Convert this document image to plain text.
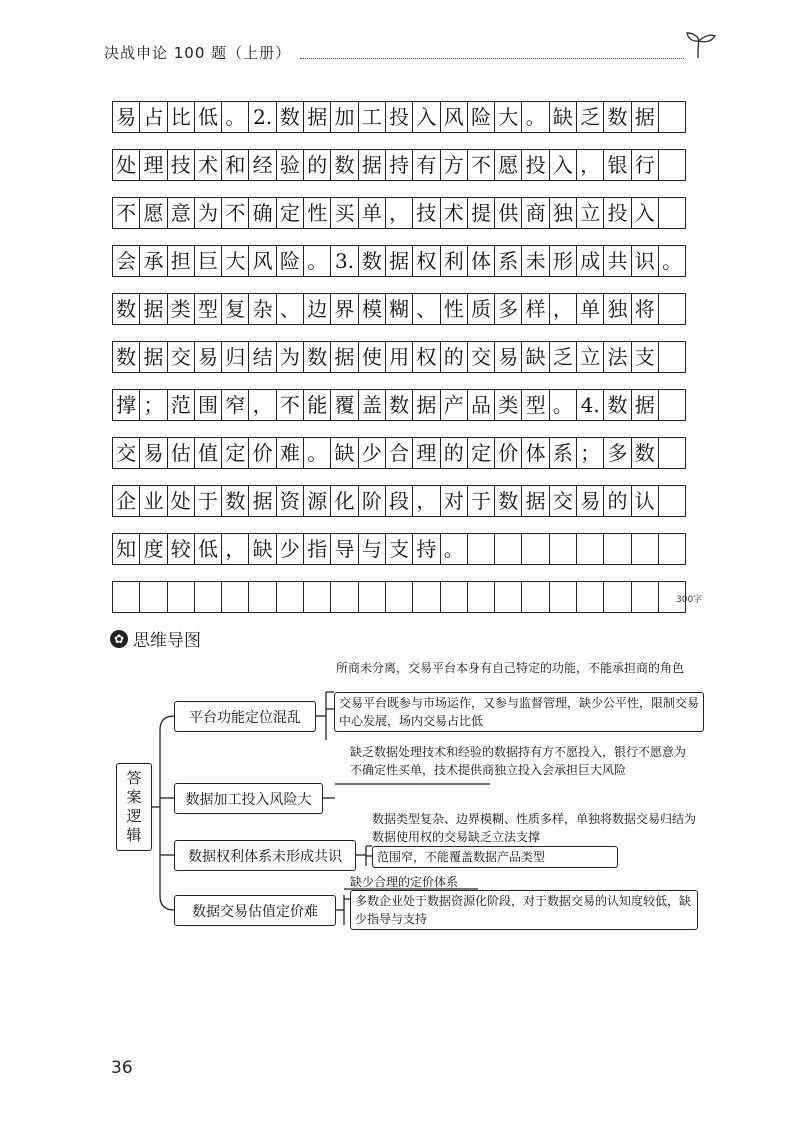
决战申论 100 题（上册）
易 占 比 低 。 2. 数 据 加 工 投 入 风 险 大 。 缺 乏 数 据
处 理 技 术 和 经 验 的 数 据 持 有 方 不 愿 投 入 ， 银 行
不 愿 意 为 不 确 定 性 买 单 ， 技 术 提 供 商 独 立 投 入
会 承 担 巨 大 风 险 。 3. 数 据 权 利 体 系 未 形 成 共 识 。
数 据 类 型 复 杂 、 边 界 模 糊 、 性 质 多 样 ， 单 独 将
数 据 交 易 归 结 为 数 据 使 用 权 的 交 易 缺 乏 立 法 支
撑 ； 范 围 窄 ， 不 能 覆 盖 数 据 产 品 类 型 。 4. 数 据
交 易 估 值 定 价 难 。 缺 少 合 理 的 定 价 体 系 ； 多 数
企 业 处 于 数 据 资 源 化 阶 段 ， 对 于 数 据 交 易 的 认
知 度 较 低 ， 缺 少 指 导 与 支 持 。
300字
✿ 思维导图
答
案
逻
辑
平台功能定位混乱
所商未分离，交易平台本身有自己特定的功能，不能承担商的角色
交易平台既参与市场运作，又参与监督管理，缺少公平性，限制交易中心发展，场内交易占比低
数据加工投入风险大
缺乏数据处理技术和经验的数据持有方不愿投入，银行不愿意为不确定性买单，技术提供商独立投入会承担巨大风险
数据权利体系未形成共识
数据类型复杂、边界模糊、性质多样，单独将数据交易归结为数据使用权的交易缺乏立法支撑
范围窄，不能覆盖数据产品类型
数据交易估值定价难
缺少合理的定价体系
多数企业处于数据资源化阶段，对于数据交易的认知度较低，缺少指导与支持
36
